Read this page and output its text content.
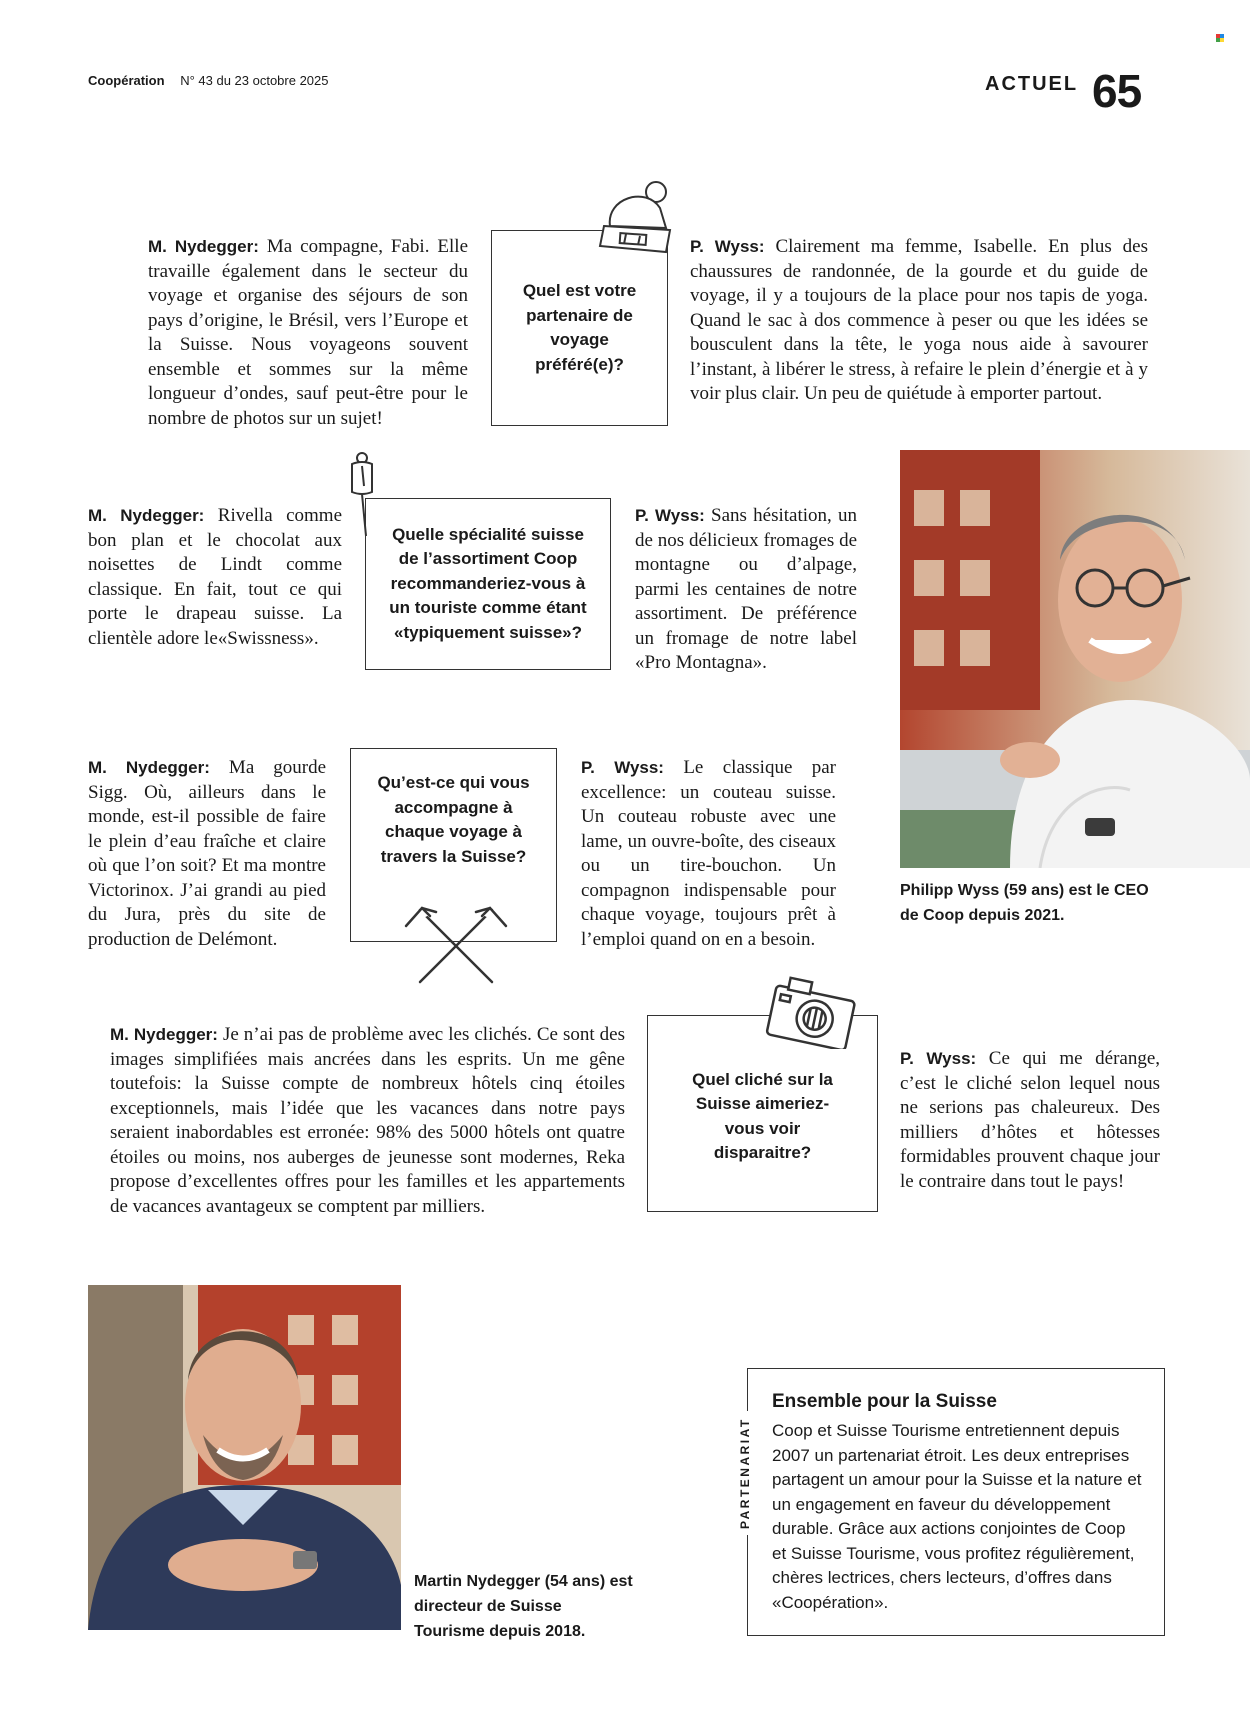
Coopération N° 43 du 23 octobre 2025	ACTUEL 65
M. Nydegger: Ma compagne, Fabi. Elle travaille également dans le secteur du voyage et organise des séjours de son pays d’origine, le Brésil, vers l’Europe et la Suisse. Nous voyageons souvent ensemble et sommes sur la même longueur d’ondes, sauf peut-être pour le nombre de photos sur un sujet!
Quel est votre partenaire de voyage préféré(e)?
P. Wyss: Clairement ma femme, Isabelle. En plus des chaussures de randonnée, de la gourde et du guide de voyage, il y a toujours de la place pour nos tapis de yoga. Quand le sac à dos commence à peser ou que les idées se bousculent dans la tête, le yoga nous aide à savourer l’instant, à libérer le stress, à refaire le plein d’énergie et à y voir plus clair. Un peu de quiétude à emporter partout.
M. Nydegger: Rivella comme bon plan et le chocolat aux noisettes de Lindt comme classique. En fait, tout ce qui porte le drapeau suisse. La clientèle adore le«Swissness».
Quelle spécialité suisse de l’assortiment Coop recommanderiez-vous à un touriste comme étant «typiquement suisse»?
P. Wyss: Sans hésitation, un de nos délicieux fromages de montagne ou d’alpage, parmi les centaines de notre assortiment. De préférence un fromage de notre label «Pro Montagna».
M. Nydegger: Ma gourde Sigg. Où, ailleurs dans le monde, est-il possible de faire le plein d’eau fraîche et claire où que l’on soit? Et ma montre Victorinox. J’ai grandi au pied du Jura, près du site de production de Delémont.
Qu’est-ce qui vous accompagne à chaque voyage à travers la Suisse?
P. Wyss: Le classique par excellence: un couteau suisse. Un couteau robuste avec une lame, un ouvre-boîte, des ciseaux ou un tire-bouchon. Un compagnon indispensable pour chaque voyage, toujours prêt à l’emploi quand on en a besoin.
Philipp Wyss (59 ans) est le CEO de Coop depuis 2021.
M. Nydegger: Je n’ai pas de problème avec les clichés. Ce sont des images simplifiées mais ancrées dans les esprits. Un me gêne toutefois: la Suisse compte de nombreux hôtels cinq étoiles exceptionnels, mais l’idée que les vacances dans notre pays seraient inabordables est erronée: 98% des 5000 hôtels ont quatre étoiles ou moins, nos auberges de jeunesse sont modernes, Reka propose d’excellentes offres pour les familles et les appartements de vacances avantageux se comptent par milliers.
Quel cliché sur la Suisse aimeriez-vous voir disparaitre?
P. Wyss: Ce qui me dérange, c’est le cliché selon lequel nous ne serions pas chaleureux. Des milliers d’hôtes et hôtesses formidables prouvent chaque jour le contraire dans tout le pays!
Martin Nydegger (54 ans) est directeur de Suisse Tourisme depuis 2018.
Ensemble pour la Suisse
Coop et Suisse Tourisme entretiennent depuis 2007 un partenariat étroit. Les deux entreprises partagent un amour pour la Suisse et la nature et un engagement en faveur du développement durable. Grâce aux actions conjointes de Coop et Suisse Tourisme, vous profitez régulièrement, chères lectrices, chers lecteurs, d’offres dans «Coopération».
PARTENARIAT
